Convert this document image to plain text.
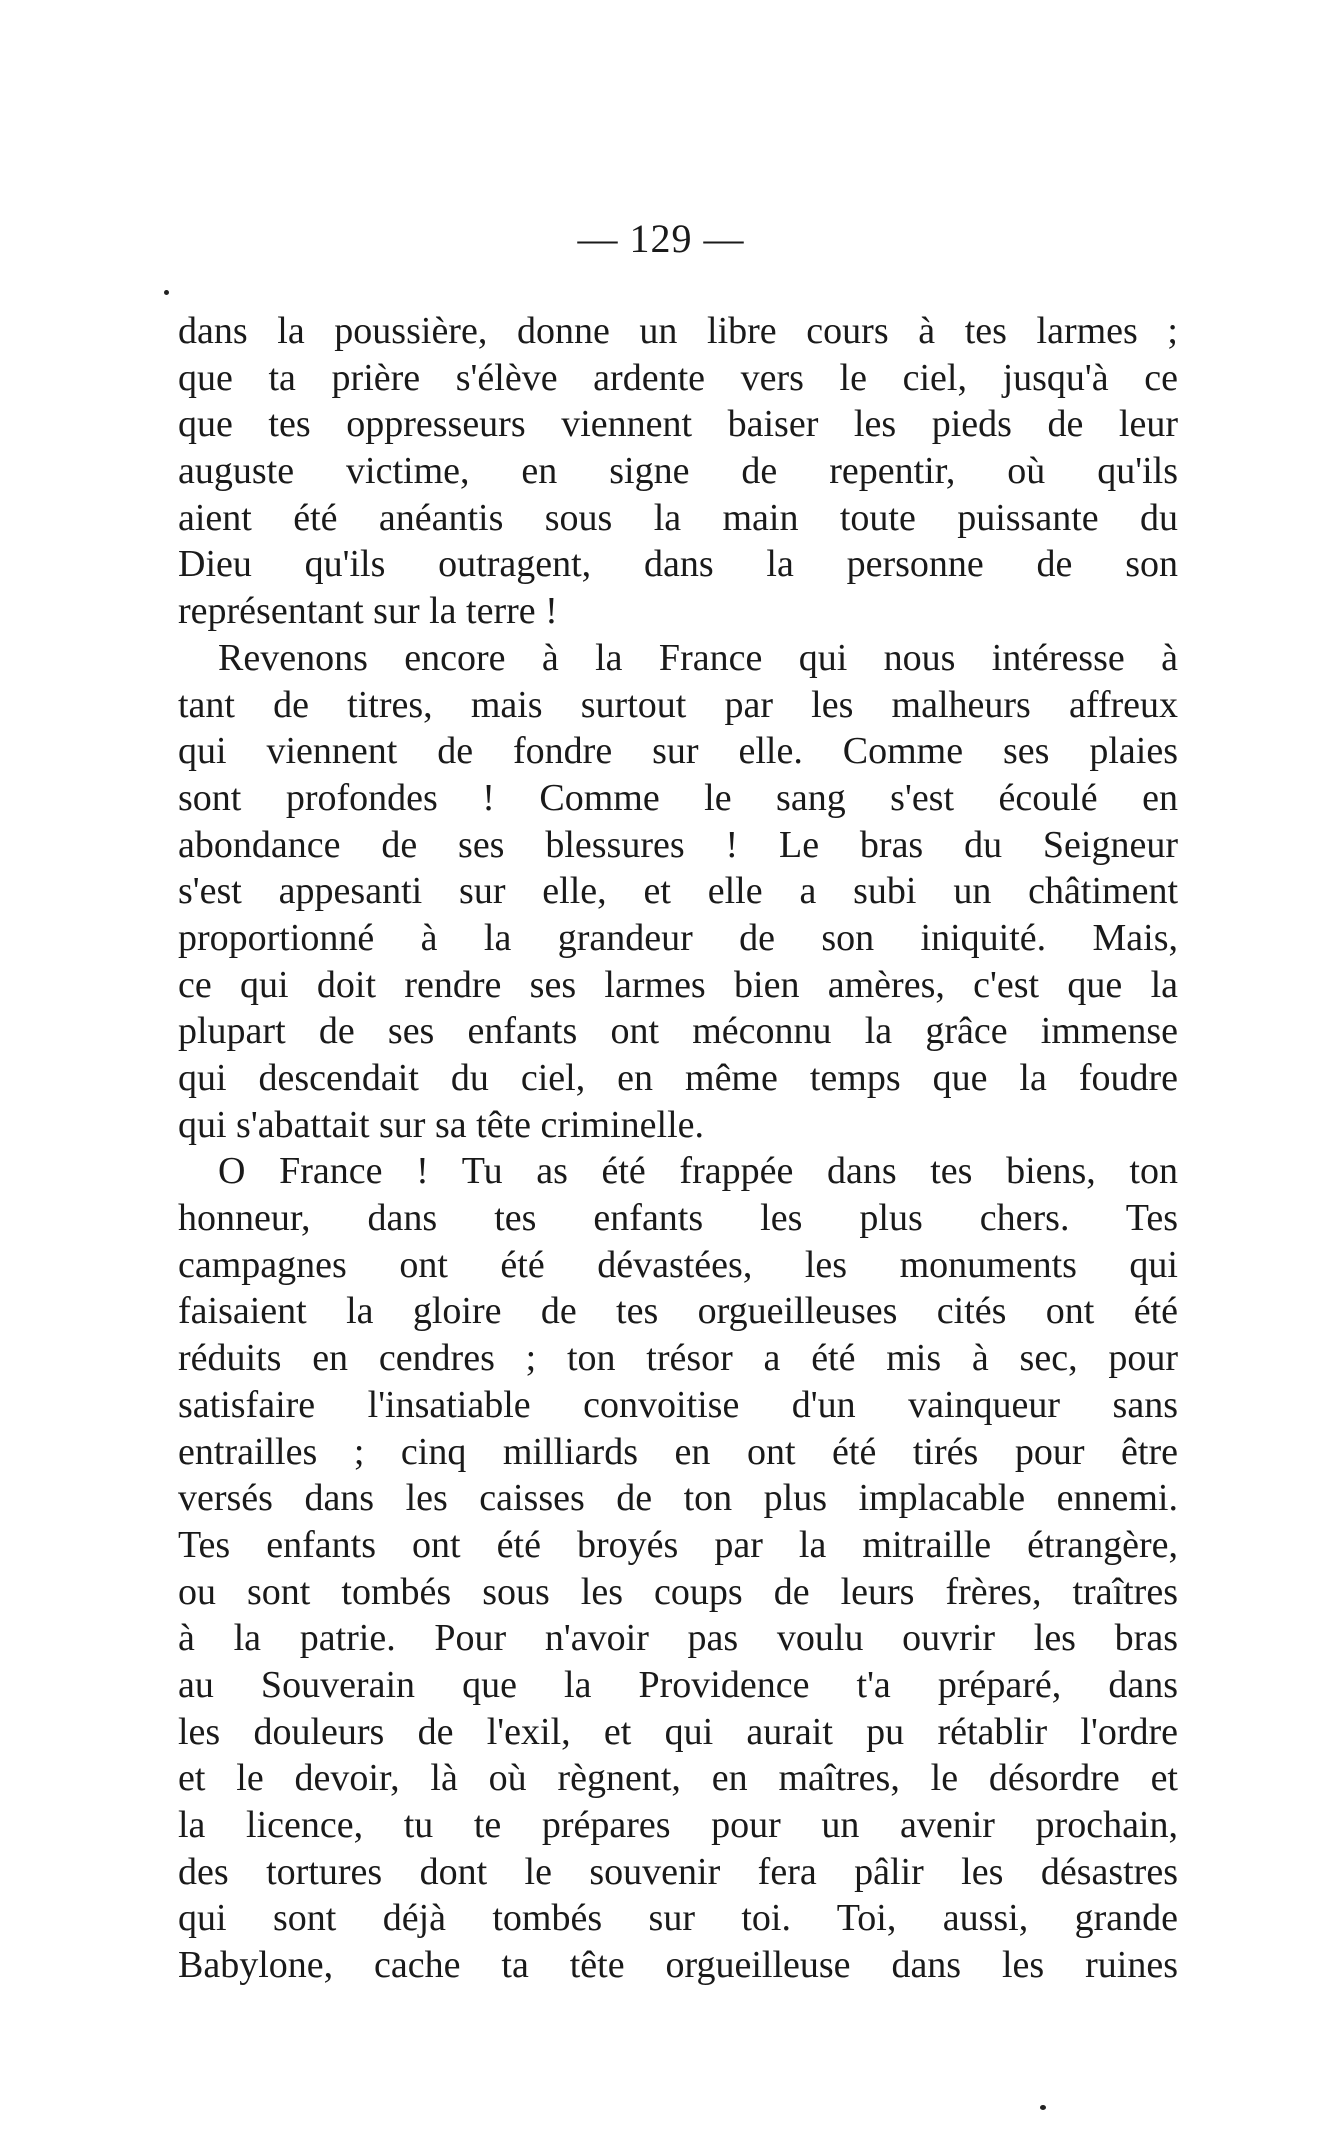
— 129 —
dans la poussière, donne un libre cours à tes larmes ;
que ta prière s'élève ardente vers le ciel, jusqu'à ce
que tes oppresseurs viennent baiser les pieds de leur
auguste victime, en signe de repentir, où qu'ils
aient été anéantis sous la main toute puissante du
Dieu qu'ils outragent, dans la personne de son
représentant sur la terre !
Revenons encore à la France qui nous intéresse à
tant de titres, mais surtout par les malheurs affreux
qui viennent de fondre sur elle. Comme ses plaies
sont profondes ! Comme le sang s'est écoulé en
abondance de ses blessures ! Le bras du Seigneur
s'est appesanti sur elle, et elle a subi un châtiment
proportionné à la grandeur de son iniquité. Mais,
ce qui doit rendre ses larmes bien amères, c'est que la
plupart de ses enfants ont méconnu la grâce immense
qui descendait du ciel, en même temps que la foudre
qui s'abattait sur sa tête criminelle.
O France ! Tu as été frappée dans tes biens, ton
honneur, dans tes enfants les plus chers. Tes
campagnes ont été dévastées, les monuments qui
faisaient la gloire de tes orgueilleuses cités ont été
réduits en cendres ; ton trésor a été mis à sec, pour
satisfaire l'insatiable convoitise d'un vainqueur sans
entrailles ; cinq milliards en ont été tirés pour être
versés dans les caisses de ton plus implacable ennemi.
Tes enfants ont été broyés par la mitraille étrangère,
ou sont tombés sous les coups de leurs frères, traîtres
à la patrie. Pour n'avoir pas voulu ouvrir les bras
au Souverain que la Providence t'a préparé, dans
les douleurs de l'exil, et qui aurait pu rétablir l'ordre
et le devoir, là où règnent, en maîtres, le désordre et
la licence, tu te prépares pour un avenir prochain,
des tortures dont le souvenir fera pâlir les désastres
qui sont déjà tombés sur toi. Toi, aussi, grande
Babylone, cache ta tête orgueilleuse dans les ruines
